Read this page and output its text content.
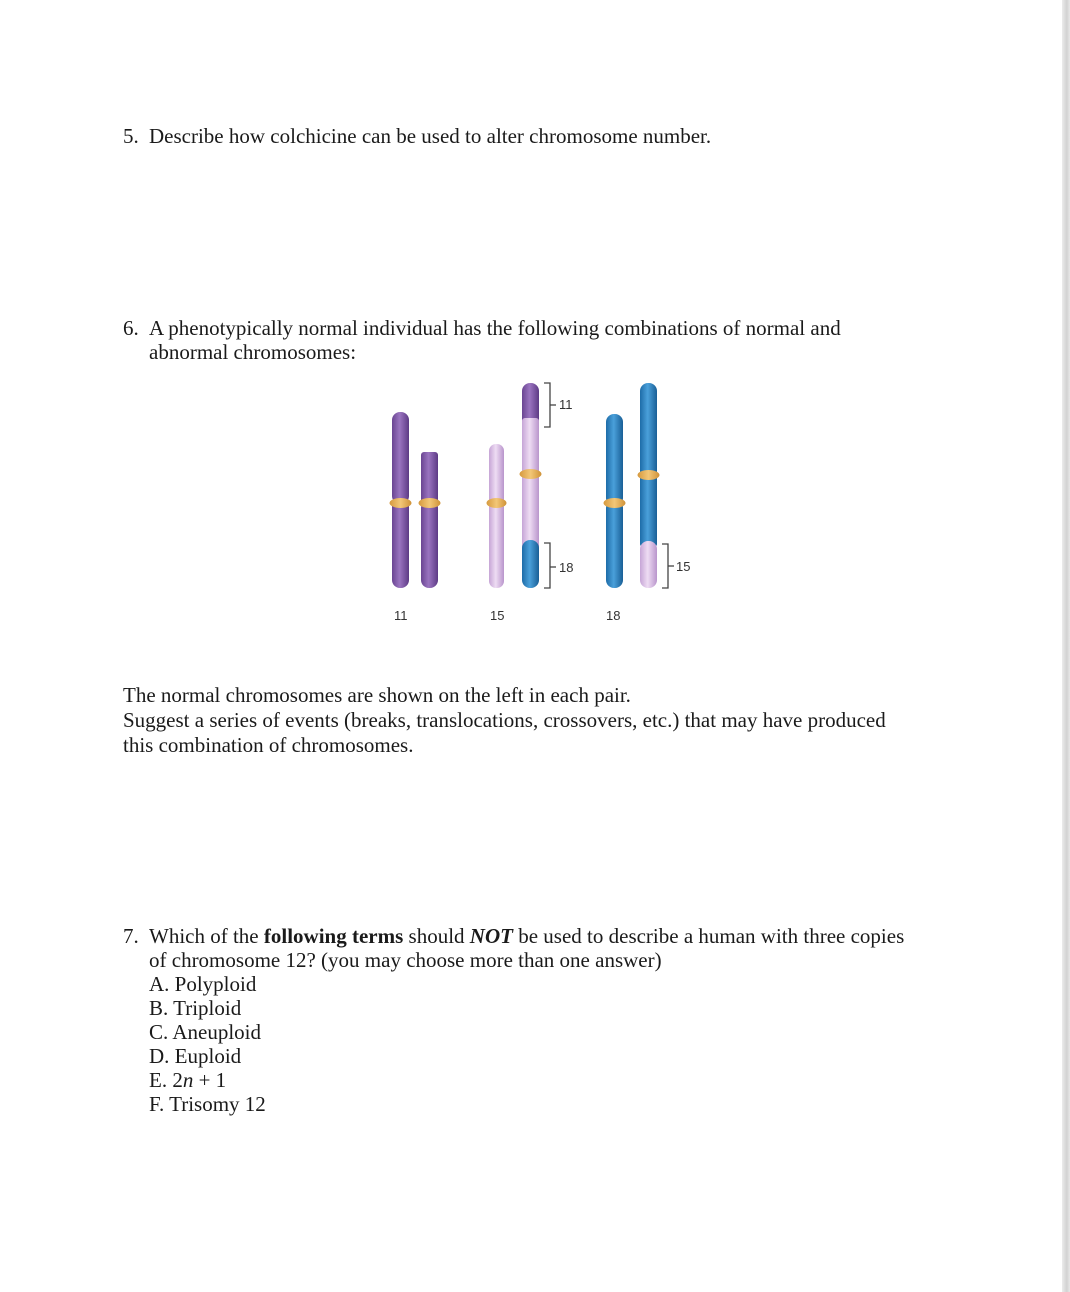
5. Describe how colchicine can be used to alter chromosome number.
6. A phenotypically normal individual has the following combinations of normal and
abnormal chromosomes:
11
18	15
11	15	18
The normal chromosomes are shown on the left in each pair.
Suggest a series of events (breaks, translocations, crossovers, etc.) that may have produced
this combination of chromosomes.
7. Which of the following terms should NOT be used to describe a human with three copies
of chromosome 12? (you may choose more than one answer)
A. Polyploid
B. Triploid
C. Aneuploid
D. Euploid
E. 2n + 1
F. Trisomy 12
